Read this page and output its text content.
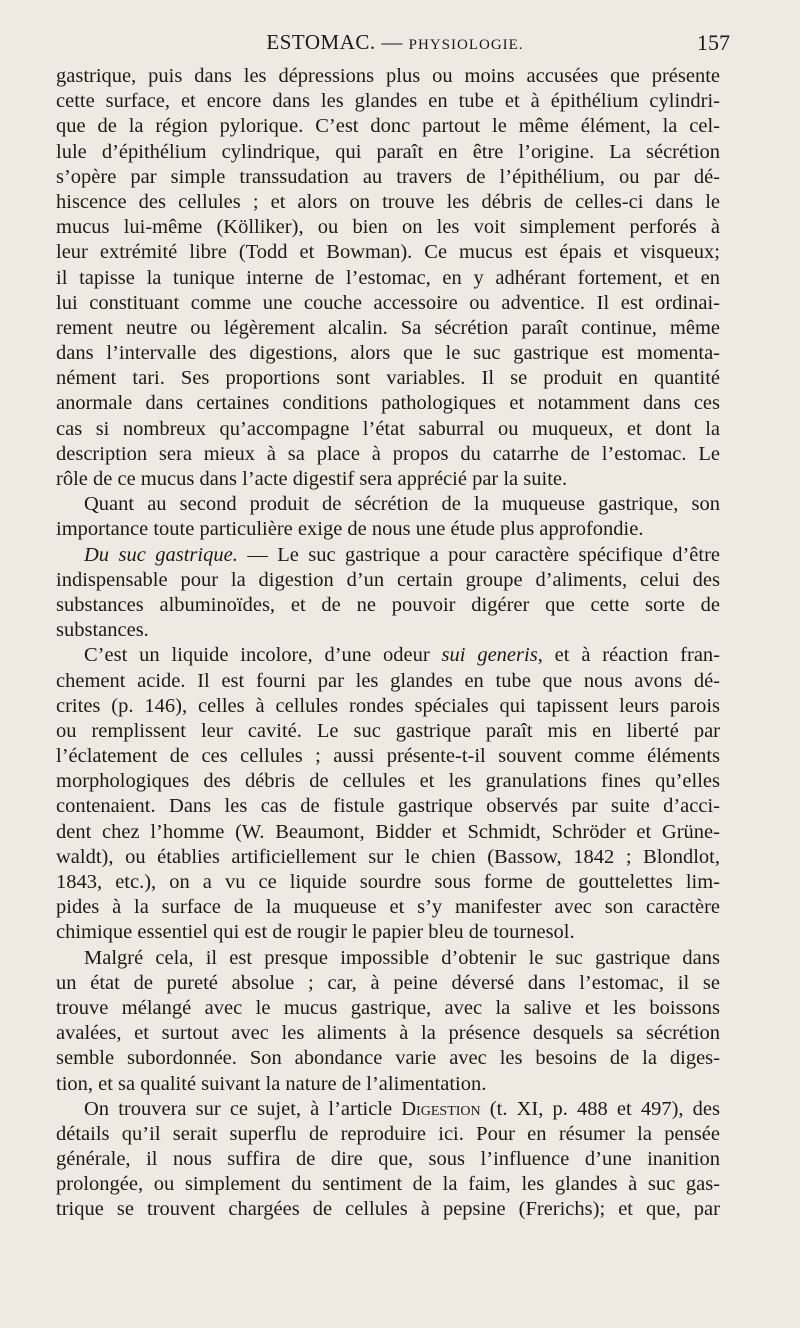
ESTOMAC. — PHYSIOLOGIE.	157
gastrique, puis dans les dépressions plus ou moins accusées que présente
cette surface, et encore dans les glandes en tube et à épithélium cylindri-
que de la région pylorique. C’est donc partout le même élément, la cel-
lule d’épithélium cylindrique, qui paraît en être l’origine. La sécrétion
s’opère par simple transsudation au travers de l’épithélium, ou par dé-
hiscence des cellules ; et alors on trouve les débris de celles-ci dans le
mucus lui-même (Kölliker), ou bien on les voit simplement perforés à
leur extrémité libre (Todd et Bowman). Ce mucus est épais et visqueux;
il tapisse la tunique interne de l’estomac, en y adhérant fortement, et en
lui constituant comme une couche accessoire ou adventice. Il est ordinai-
rement neutre ou légèrement alcalin. Sa sécrétion paraît continue, même
dans l’intervalle des digestions, alors que le suc gastrique est momenta-
nément tari. Ses proportions sont variables. Il se produit en quantité
anormale dans certaines conditions pathologiques et notamment dans ces
cas si nombreux qu’accompagne l’état saburral ou muqueux, et dont la
description sera mieux à sa place à propos du catarrhe de l’estomac. Le
rôle de ce mucus dans l’acte digestif sera apprécié par la suite.
Quant au second produit de sécrétion de la muqueuse gastrique, son
importance toute particulière exige de nous une étude plus approfondie.
Du suc gastrique. — Le suc gastrique a pour caractère spécifique d’être
indispensable pour la digestion d’un certain groupe d’aliments, celui des
substances albuminoïdes, et de ne pouvoir digérer que cette sorte de
substances.
C’est un liquide incolore, d’une odeur sui generis, et à réaction fran-
chement acide. Il est fourni par les glandes en tube que nous avons dé-
crites (p. 146), celles à cellules rondes spéciales qui tapissent leurs parois
ou remplissent leur cavité. Le suc gastrique paraît mis en liberté par
l’éclatement de ces cellules ; aussi présente-t-il souvent comme éléments
morphologiques des débris de cellules et les granulations fines qu’elles
contenaient. Dans les cas de fistule gastrique observés par suite d’acci-
dent chez l’homme (W. Beaumont, Bidder et Schmidt, Schröder et Grüne-
waldt), ou établies artificiellement sur le chien (Bassow, 1842 ; Blondlot,
1843, etc.), on a vu ce liquide sourdre sous forme de gouttelettes lim-
pides à la surface de la muqueuse et s’y manifester avec son caractère
chimique essentiel qui est de rougir le papier bleu de tournesol.
Malgré cela, il est presque impossible d’obtenir le suc gastrique dans
un état de pureté absolue ; car, à peine déversé dans l’estomac, il se
trouve mélangé avec le mucus gastrique, avec la salive et les boissons
avalées, et surtout avec les aliments à la présence desquels sa sécrétion
semble subordonnée. Son abondance varie avec les besoins de la diges-
tion, et sa qualité suivant la nature de l’alimentation.
On trouvera sur ce sujet, à l’article Digestion (t. XI, p. 488 et 497), des
détails qu’il serait superflu de reproduire ici. Pour en résumer la pensée
générale, il nous suffira de dire que, sous l’influence d’une inanition
prolongée, ou simplement du sentiment de la faim, les glandes à suc gas-
trique se trouvent chargées de cellules à pepsine (Frerichs); et que, par
